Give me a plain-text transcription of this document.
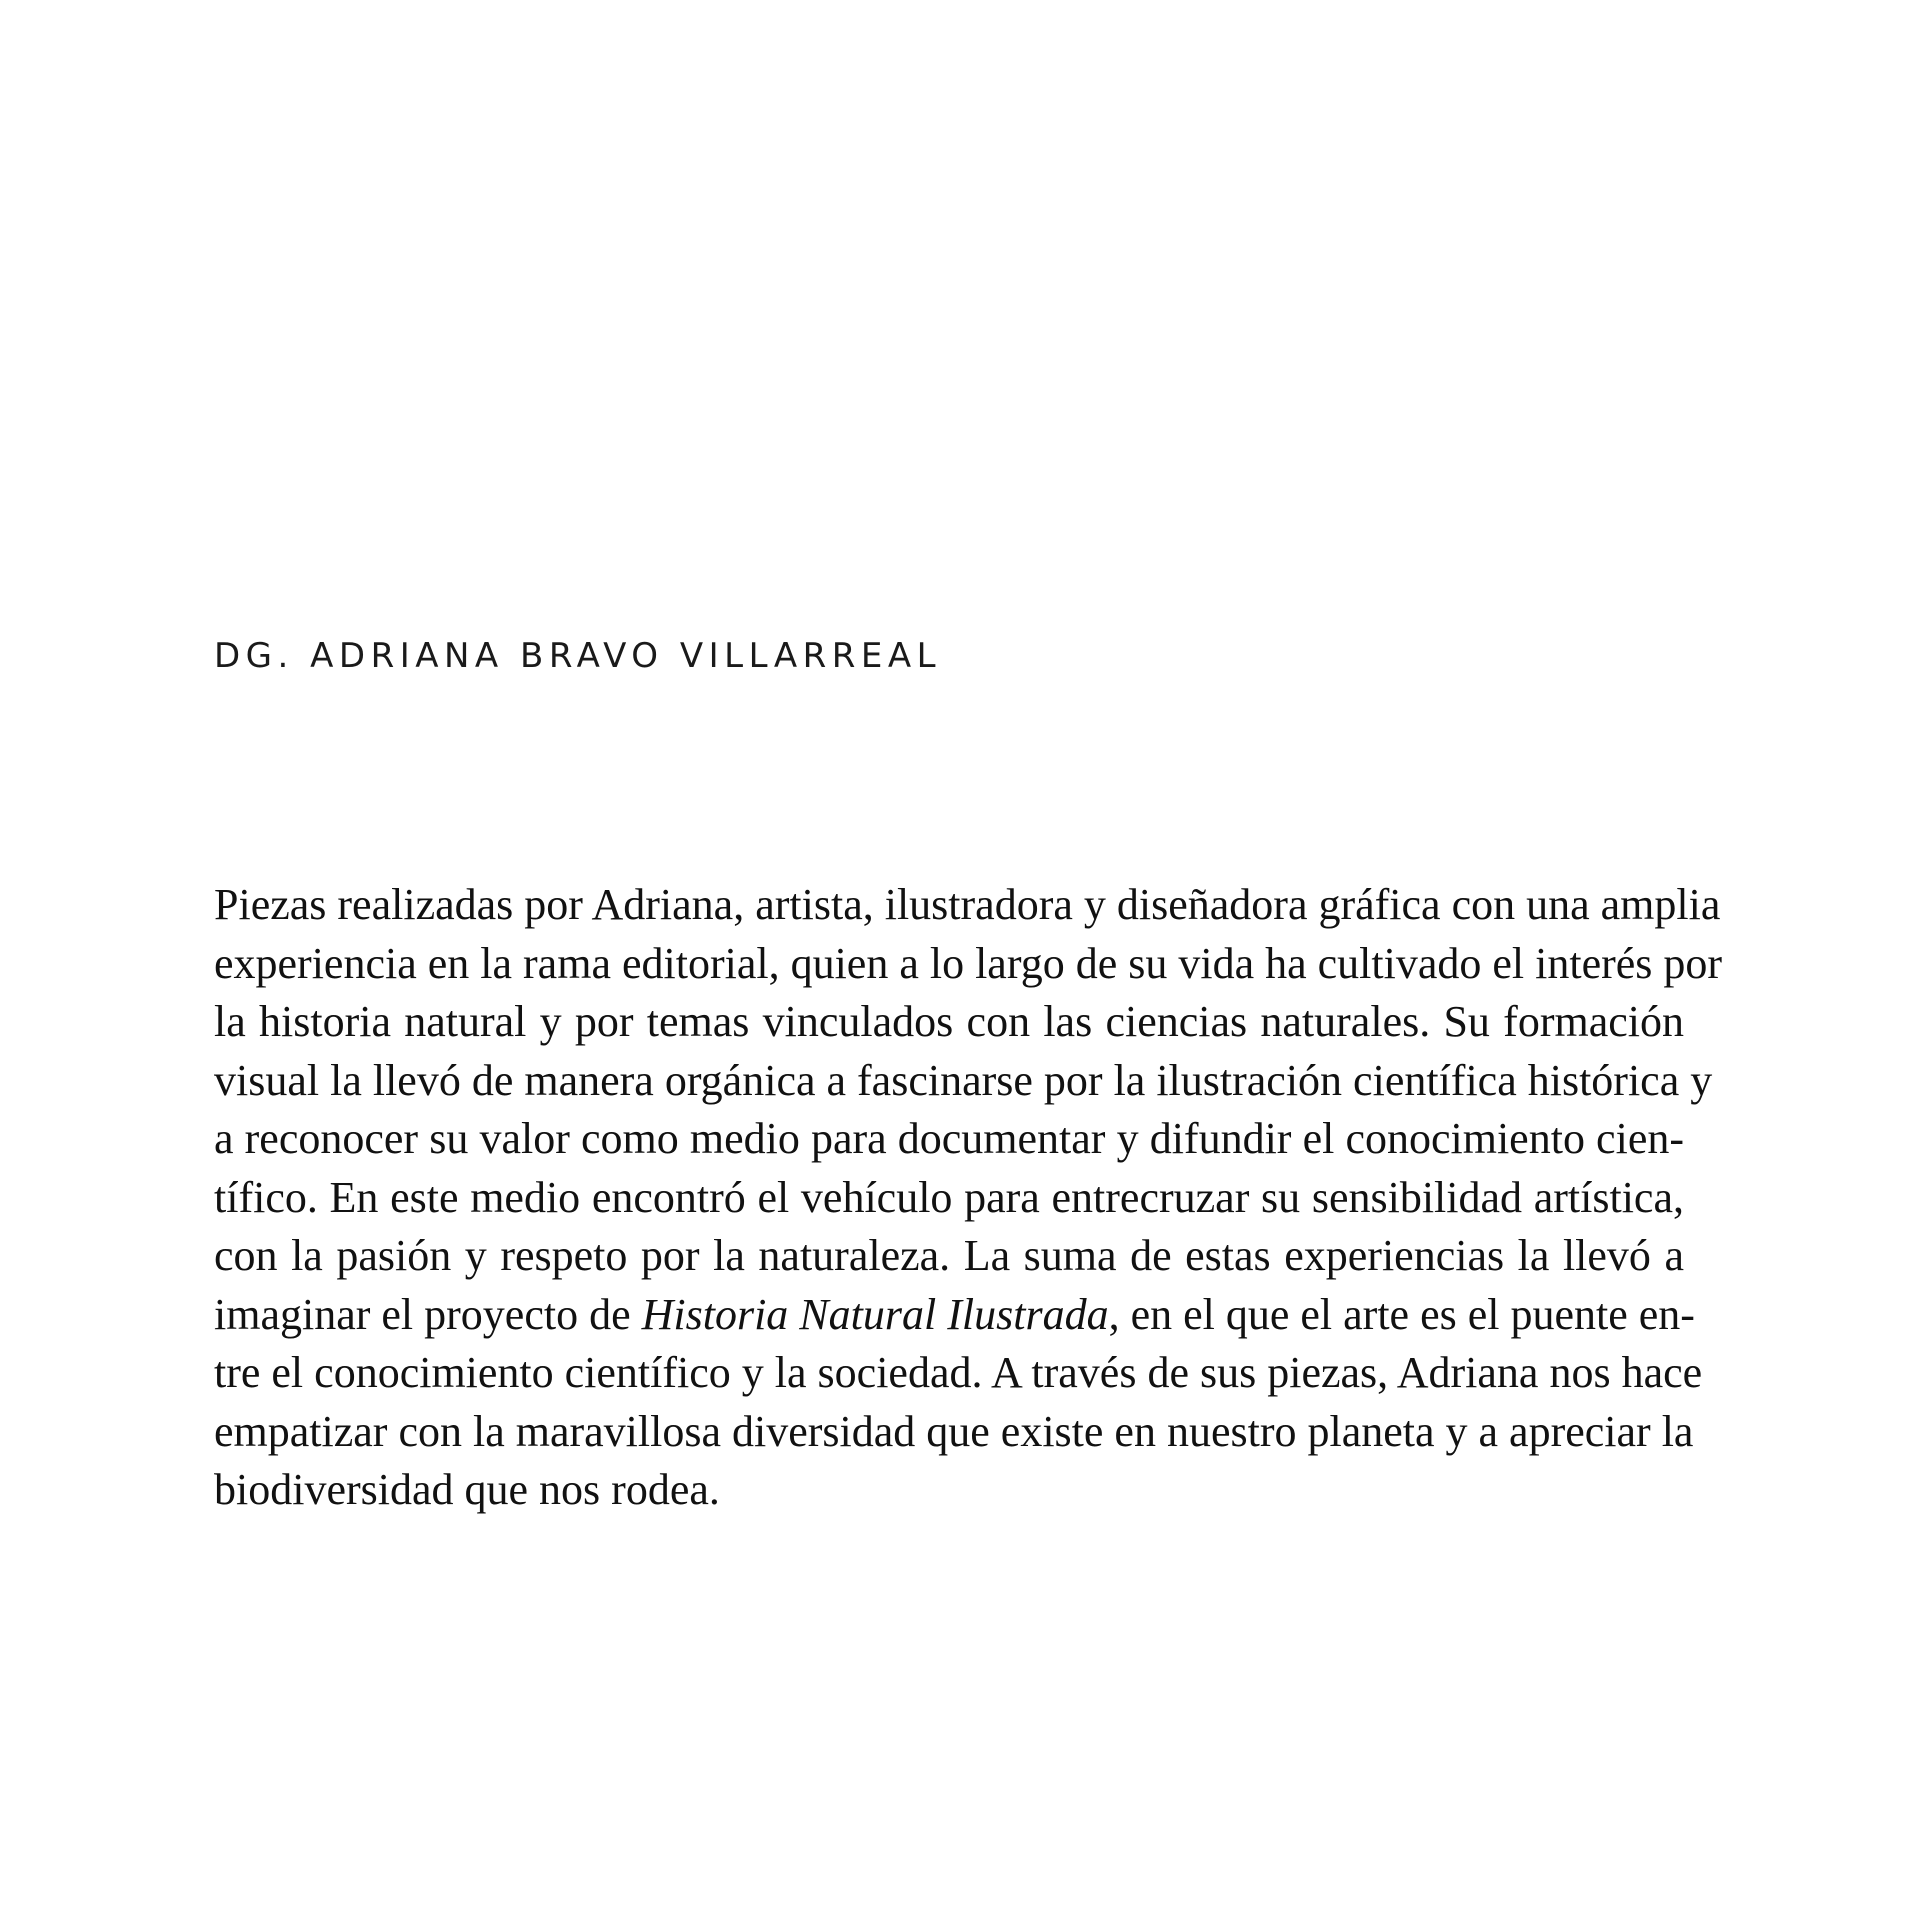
DG. ADRIANA BRAVO VILLARREAL
Piezas realizadas por Adriana, artista, ilustradora y diseñadora gráfica con una amplia
experiencia en la rama editorial, quien a lo largo de su vida ha cultivado el interés por
la historia natural y por temas vinculados con las ciencias naturales. Su formación
visual la llevó de manera orgánica a fascinarse por la ilustración científica histórica y
a reconocer su valor como medio para documentar y difundir el conocimiento cien-
tífico. En este medio encontró el vehículo para entrecruzar su sensibilidad artística,
con la pasión y respeto por la naturaleza. La suma de estas experiencias la llevó a
imaginar el proyecto de Historia Natural Ilustrada, en el que el arte es el puente en-
tre el conocimiento científico y la sociedad. A través de sus piezas, Adriana nos hace
empatizar con la maravillosa diversidad que existe en nuestro planeta y a apreciar la
biodiversidad que nos rodea.
